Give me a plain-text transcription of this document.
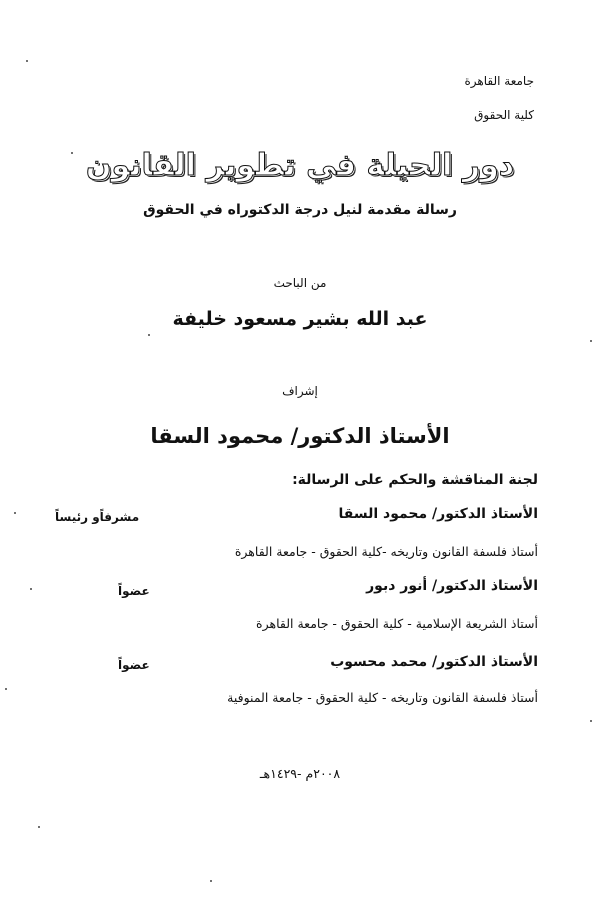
جامعة القاهرة
كلية الحقوق
دور الحيلة في تطوير القانون
رسالة مقدمة لنيل درجة الدكتوراه في الحقوق
من الباحث
عبد الله بشير مسعود خليفة
إشراف
الأستاذ الدكتور/ محمود السقا
لجنة المناقشة والحكم على الرسالة:
الأستاذ الدكتور/ محمود السقا
مشرفاًو رئيساً
أستاذ فلسفة القانون وتاريخه -كلية الحقوق - جامعة القاهرة
الأستاذ الدكتور/ أنور دبور
عضواً
أستاذ الشريعة الإسلامية - كلية الحقوق - جامعة القاهرة
الأستاذ الدكتور/ محمد محسوب
عضواً
أستاذ فلسفة القانون وتاريخه - كلية الحقوق - جامعة المنوفية
٢٠٠٨م -١٤٢٩هـ
